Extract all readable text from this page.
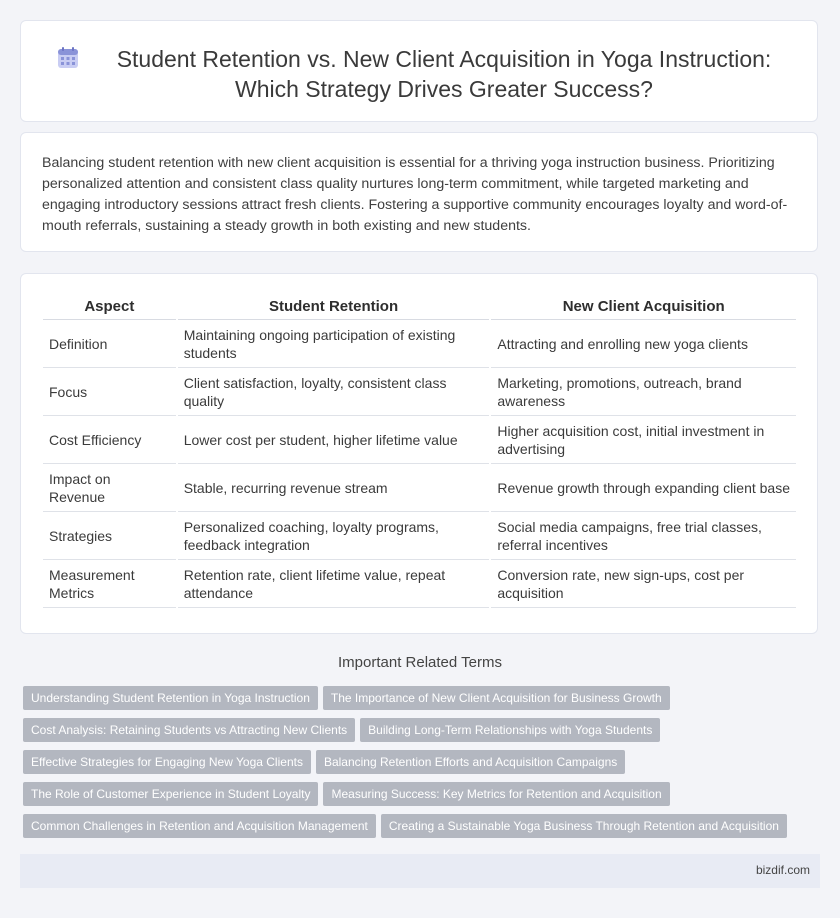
Student Retention vs. New Client Acquisition in Yoga Instruction: Which Strategy Drives Greater Success?

Balancing student retention with new client acquisition is essential for a thriving yoga instruction business. Prioritizing personalized attention and consistent class quality nurtures long-term commitment, while targeted marketing and engaging introductory sessions attract fresh clients. Fostering a supportive community encourages loyalty and word-of-mouth referrals, sustaining a steady growth in both existing and new students.

Aspect	Student Retention	New Client Acquisition
Definition	Maintaining ongoing participation of existing students	Attracting and enrolling new yoga clients
Focus	Client satisfaction, loyalty, consistent class quality	Marketing, promotions, outreach, brand awareness
Cost Efficiency	Lower cost per student, higher lifetime value	Higher acquisition cost, initial investment in advertising
Impact on Revenue	Stable, recurring revenue stream	Revenue growth through expanding client base
Strategies	Personalized coaching, loyalty programs, feedback integration	Social media campaigns, free trial classes, referral incentives
Measurement Metrics	Retention rate, client lifetime value, repeat attendance	Conversion rate, new sign-ups, cost per acquisition
Important Related Terms
Understanding Student Retention in Yoga Instruction The Importance of New Client Acquisition for Business GrowthCost Analysis: Retaining Students vs Attracting New Clients Building Long-Term Relationships with Yoga StudentsEffective Strategies for Engaging New Yoga Clients Balancing Retention Efforts and Acquisition CampaignsThe Role of Customer Experience in Student Loyalty Measuring Success: Key Metrics for Retention and AcquisitionCommon Challenges in Retention and Acquisition Management Creating a Sustainable Yoga Business Through Retention and Acquisition
bizdif.com
